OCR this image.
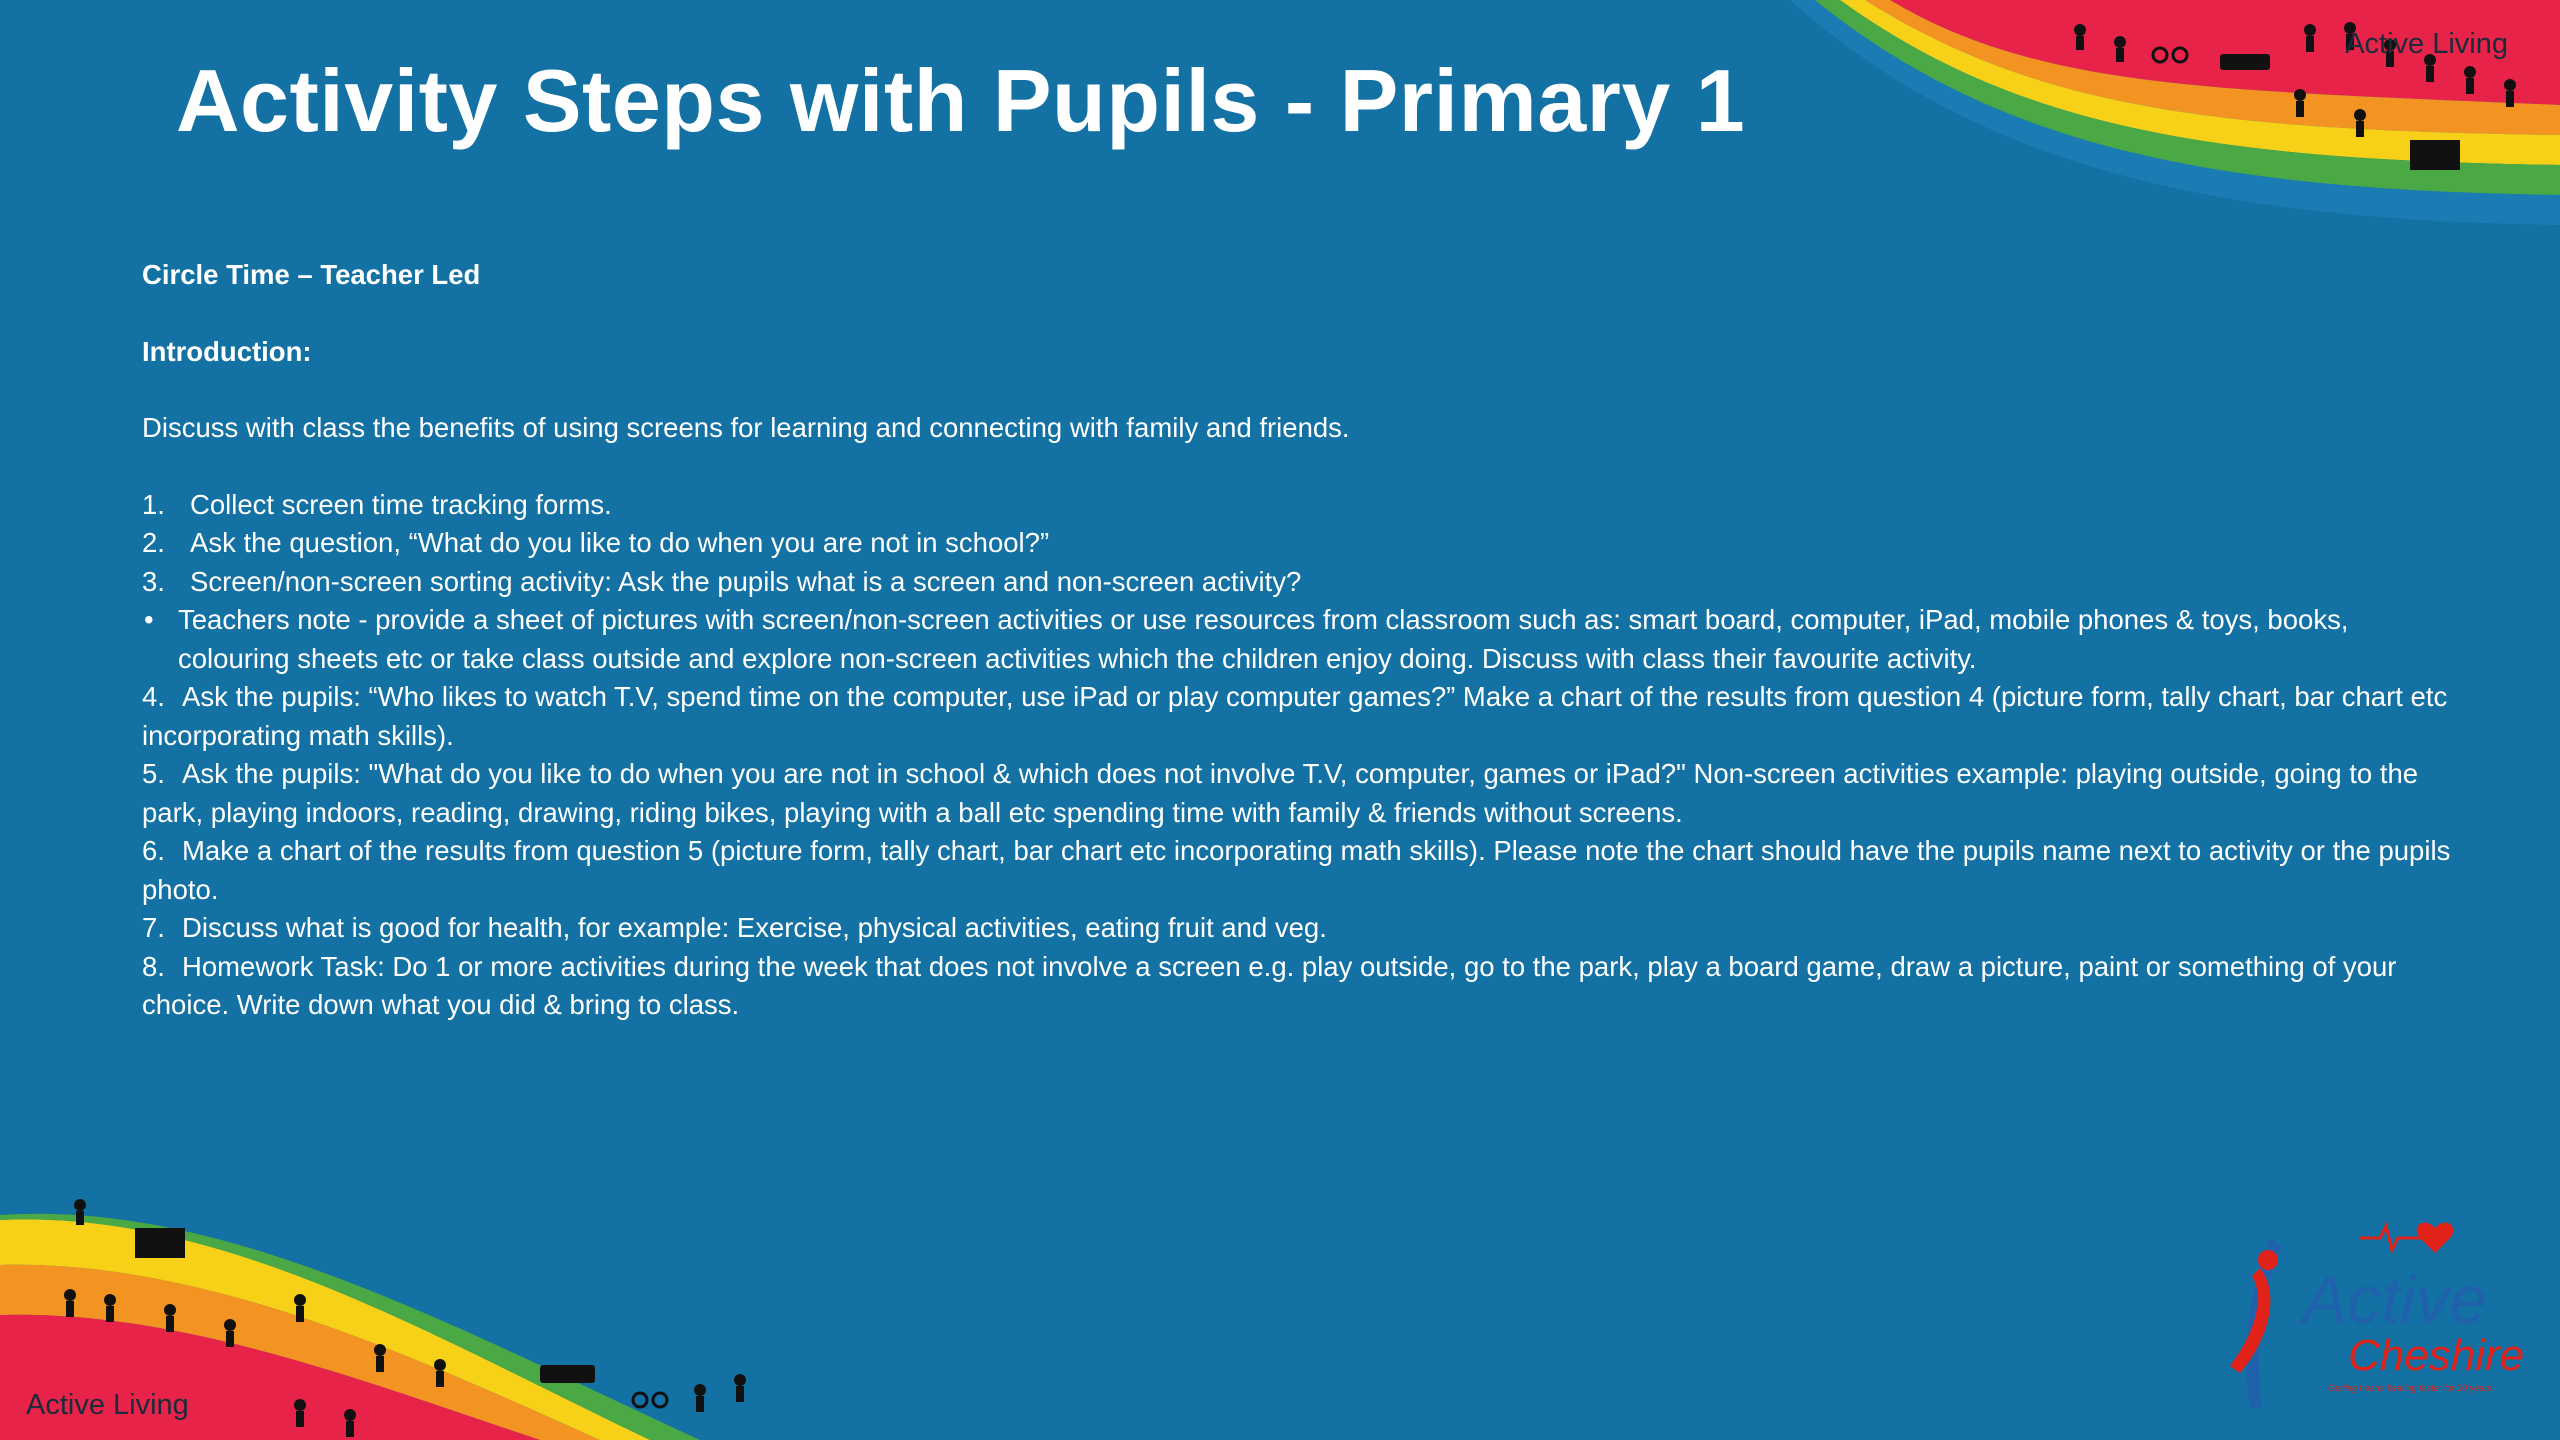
Active Living
Active Living
Activity Steps with Pupils - Primary 1

Circle Time – Teacher Led

Introduction:

Discuss with class the benefits of using screens for learning and connecting with family and friends.

1. Collect screen time tracking forms.
2. Ask the question, “What do you like to do when you are not in school?”
3. Screen/non-screen sorting activity: Ask the pupils what is a screen and non-screen activity?
• Teachers note - provide a sheet of pictures with screen/non-screen activities or use resources from classroom such as: smart board, computer, iPad, mobile phones & toys, books, colouring sheets etc or take class outside and explore non-screen activities which the children enjoy doing. Discuss with class their favourite activity.
4. Ask the pupils: “Who likes to watch T.V, spend time on the computer, use iPad or play computer games?” Make a chart of the results from question 4 (picture form, tally chart, bar chart etc incorporating math skills).
5. Ask the pupils: "What do you like to do when you are not in school & which does not involve T.V, computer, games or iPad?" Non-screen activities example: playing outside, going to the park, playing indoors, reading, drawing, riding bikes, playing with a ball etc spending time with family & friends without screens.
6. Make a chart of the results from question 5 (picture form, tally chart, bar chart etc incorporating math skills). Please note the chart should have the pupils name next to activity or the pupils photo.
7. Discuss what is good for health, for example: Exercise, physical activities, eating fruit and veg.
8. Homework Task: Do 1 or more activities during the week that does not involve a screen e.g. play outside, go to the park, play a board game, draw a picture, paint or something of your choice. Write down what you did & bring to class.
Active
Cheshire
Getting hearts beating faster for 30 years
